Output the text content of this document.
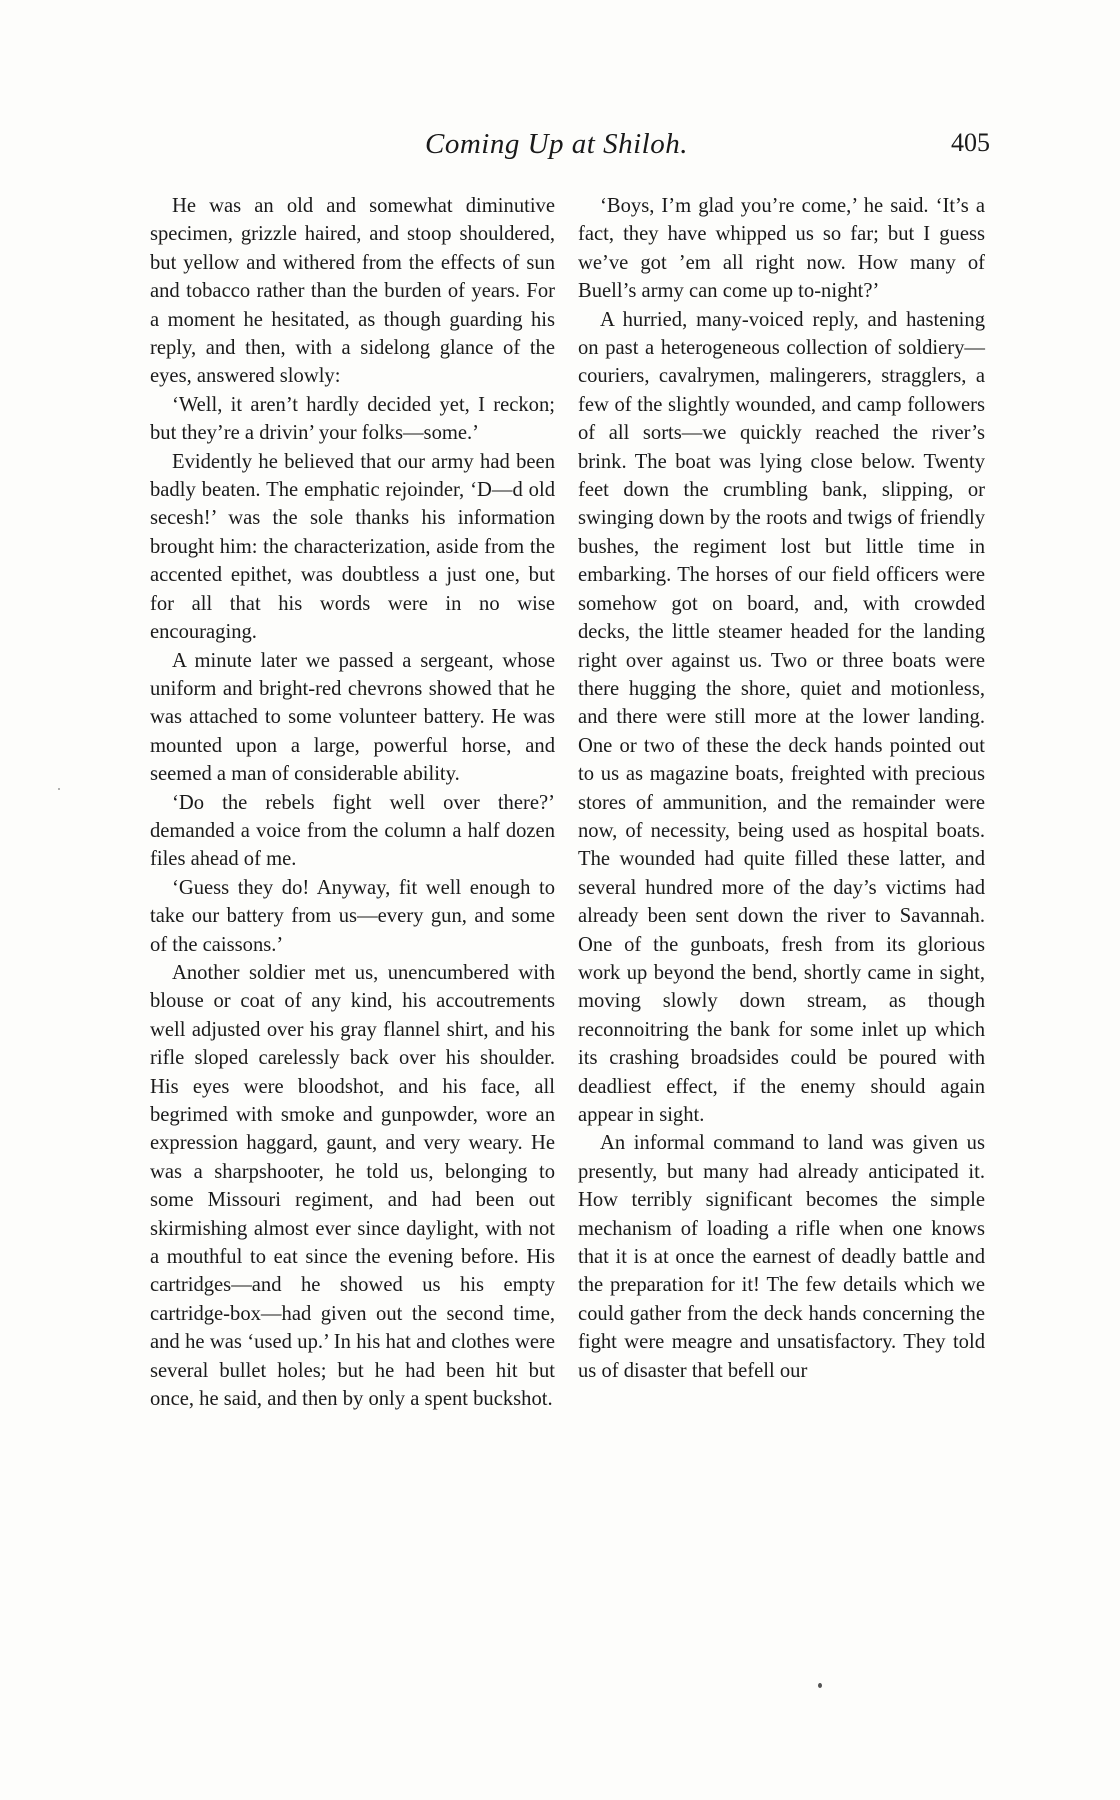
Coming Up at Shiloh.	405

He was an old and somewhat diminutive specimen, grizzle haired, and stoop shouldered, but yellow and withered from the effects of sun and tobacco rather than the burden of years. For a moment he hesitated, as though guarding his reply, and then, with a sidelong glance of the eyes, answered slowly:

‘Well, it aren’t hardly decided yet, I reckon; but they’re a drivin’ your folks—some.’

Evidently he believed that our army had been badly beaten. The emphatic rejoinder, ‘D—d old secesh!’ was the sole thanks his information brought him: the characterization, aside from the accented epithet, was doubtless a just one, but for all that his words were in no wise encouraging.

A minute later we passed a sergeant, whose uniform and bright-red chevrons showed that he was attached to some volunteer battery. He was mounted upon a large, powerful horse, and seemed a man of considerable ability.

‘Do the rebels fight well over there?’ demanded a voice from the column a half dozen files ahead of me.

‘Guess they do! Anyway, fit well enough to take our battery from us—every gun, and some of the caissons.’

Another soldier met us, unencumbered with blouse or coat of any kind, his accoutrements well adjusted over his gray flannel shirt, and his rifle sloped carelessly back over his shoulder. His eyes were bloodshot, and his face, all begrimed with smoke and gunpowder, wore an expression haggard, gaunt, and very weary. He was a sharpshooter, he told us, belonging to some Missouri regiment, and had been out skirmishing almost ever since daylight, with not a mouthful to eat since the evening before. His cartridges—and he showed us his empty cartridge-box—had given out the second time, and he was ‘used up.’ In his hat and clothes were several bullet holes; but he had been hit but once, he said, and then by only a spent buckshot.

‘Boys, I’m glad you’re come,’ he said. ‘It’s a fact, they have whipped us so far; but I guess we’ve got ’em all right now. How many of Buell’s army can come up to-night?’

A hurried, many-voiced reply, and hastening on past a heterogeneous collection of soldiery—couriers, cavalrymen, malingerers, stragglers, a few of the slightly wounded, and camp followers of all sorts—we quickly reached the river’s brink. The boat was lying close below. Twenty feet down the crumbling bank, slipping, or swinging down by the roots and twigs of friendly bushes, the regiment lost but little time in embarking. The horses of our field officers were somehow got on board, and, with crowded decks, the little steamer headed for the landing right over against us. Two or three boats were there hugging the shore, quiet and motionless, and there were still more at the lower landing. One or two of these the deck hands pointed out to us as magazine boats, freighted with precious stores of ammunition, and the remainder were now, of necessity, being used as hospital boats. The wounded had quite filled these latter, and several hundred more of the day’s victims had already been sent down the river to Savannah. One of the gunboats, fresh from its glorious work up beyond the bend, shortly came in sight, moving slowly down stream, as though reconnoitring the bank for some inlet up which its crashing broadsides could be poured with deadliest effect, if the enemy should again appear in sight.

An informal command to land was given us presently, but many had already anticipated it. How terribly significant becomes the simple mechanism of loading a rifle when one knows that it is at once the earnest of deadly battle and the preparation for it! The few details which we could gather from the deck hands concerning the fight were meagre and unsatisfactory. They told us of disaster that befell our
